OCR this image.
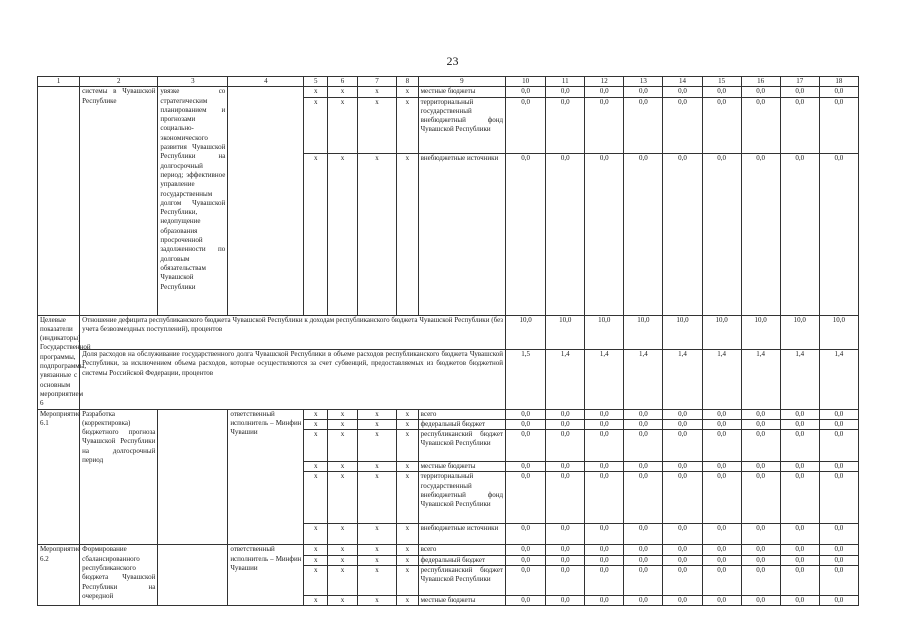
23
1	2	3	4	5	6	7	8	9	10	11	12	13	14	15	16	17	18
	системы в Чувашской Республике	увязке со стратегическим планированием и прогнозами социально-экономического развития Чувашской Республики на долгосрочный период; эффективное управление государственным долгом Чувашской Республики, недопущение образования просроченной задолженности по долговым обязательствам Чувашской Республики		x	x	x	x	местные бюджеты	0,0	0,0	0,0	0,0	0,0	0,0	0,0	0,0	0,0
				x	x	x	x	территориальный государственный внебюджетный фонд Чувашской Республики	0,0	0,0	0,0	0,0	0,0	0,0	0,0	0,0	0,0
				x	x	x	x	внебюджетные источники	0,0	0,0	0,0	0,0	0,0	0,0	0,0	0,0	0,0
Целевые показатели (индикаторы) Государственной программы, подпрограммы, увязанные с основным мероприятием 6	Отношение дефицита республиканского бюджета Чувашской Республики к доходам республиканского бюджета Чувашской Республики (без учета безвозмездных поступлений), процентов								10,0	10,0	10,0	10,0	10,0	10,0	10,0	10,0	10,0
	Доля расходов на обслуживание государственного долга Чувашской Республики в объеме расходов республиканского бюджета Чувашской Республики, за исключением объема расходов, которые осуществляются за счет субвенций, предоставляемых из бюджетов бюджетной системы Российской Федерации, процентов								1,5	1,4	1,4	1,4	1,4	1,4	1,4	1,4	1,4
Мероприятие 6.1	Разработка (корректировка) бюджетного прогноза Чувашской Республики на долгосрочный период		ответственный исполнитель – Минфин Чувашии	x	x	x	x	всего	0,0	0,0	0,0	0,0	0,0	0,0	0,0	0,0	0,0
				x	x	x	x	федеральный бюджет	0,0	0,0	0,0	0,0	0,0	0,0	0,0	0,0	0,0
				x	x	x	x	республиканский бюджет Чувашской Республики	0,0	0,0	0,0	0,0	0,0	0,0	0,0	0,0	0,0
				x	x	x	x	местные бюджеты	0,0	0,0	0,0	0,0	0,0	0,0	0,0	0,0	0,0
				x	x	x	x	территориальный государственный внебюджетный фонд Чувашской Республики	0,0	0,0	0,0	0,0	0,0	0,0	0,0	0,0	0,0
				x	x	x	x	внебюджетные источники	0,0	0,0	0,0	0,0	0,0	0,0	0,0	0,0	0,0
Мероприятие 6.2	Формирование сбалансированного республиканского бюджета Чувашской Республики на очередной		ответственный исполнитель – Минфин Чувашии	x	x	x	x	всего	0,0	0,0	0,0	0,0	0,0	0,0	0,0	0,0	0,0
				x	x	x	x	федеральный бюджет	0,0	0,0	0,0	0,0	0,0	0,0	0,0	0,0	0,0
				x	x	x	x	республиканский бюджет Чувашской Республики	0,0	0,0	0,0	0,0	0,0	0,0	0,0	0,0	0,0
				x	x	x	x	местные бюджеты	0,0	0,0	0,0	0,0	0,0	0,0	0,0	0,0	0,0
